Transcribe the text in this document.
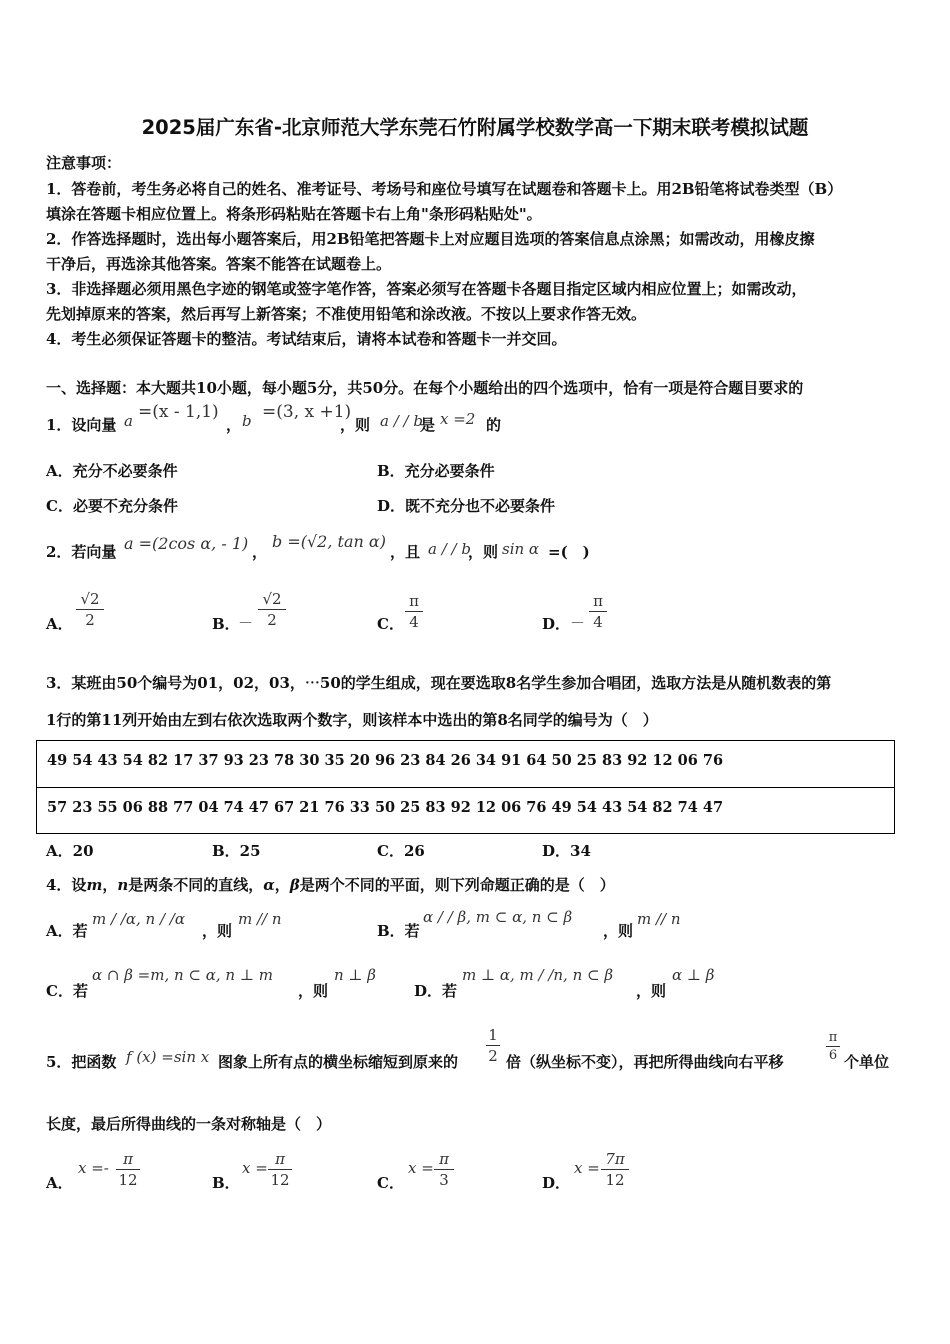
2025届广东省-北京师范大学东莞石竹附属学校数学高一下期末联考模拟试题
注意事项：
1．答卷前，考生务必将自己的姓名、准考证号、考场号和座位号填写在试题卷和答题卡上。用2B铅笔将试卷类型（B）
填涂在答题卡相应位置上。将条形码粘贴在答题卡右上角"条形码粘贴处"。
2．作答选择题时，选出每小题答案后，用2B铅笔把答题卡上对应题目选项的答案信息点涂黑；如需改动，用橡皮擦
干净后，再选涂其他答案。答案不能答在试题卷上。
3．非选择题必须用黑色字迹的钢笔或签字笔作答，答案必须写在答题卡各题目指定区域内相应位置上；如需改动，
先划掉原来的答案，然后再写上新答案；不准使用铅笔和涂改液。不按以上要求作答无效。
4．考生必须保证答题卡的整洁。考试结束后，请将本试卷和答题卡一并交回。
一、选择题：本大题共10小题，每小题5分，共50分。在每个小题给出的四个选项中，恰有一项是符合题目要求的
1．设向量 a =(x - 1,1)
， b =(3, x +1)
，则 a / / b
是 x =2 的
A．充分不必要条件	B．充分必要条件
C．必要不充分条件	D．既不充分也不必要条件
2．若向量 a =(2cos α, - 1) ，
b =(√2, tan α)
，且 a / / b
，则 sin α =(　)
A．
√2
2	B．
－
√2
2	C．
π
4	D． －
π
4
3．某班由50个编号为01，02，03，⋯50的学生组成，现在要选取8名学生参加合唱团，选取方法是从随机数表的第
1行的第11列开始由左到右依次选取两个数字，则该样本中选出的第8名同学的编号为（　）
49 54 43 54 82 17 37 93 23 78 30 35 20 96 23 84 26 34 91 64 50 25 83 92 12 06 76
57 23 55 06 88 77 04 74 47 67 21 76 33 50 25 83 92 12 06 76 49 54 43 54 82 74 47
A．20	B．25	C．26	D．34
4．设m，n是两条不同的直线，α，β是两个不同的平面，则下列命题正确的是（　）
A．若
m / /α, n / /α
，则
m // n
B．若
α / / β, m ⊂ α, n ⊂ β
，则
m // n
C．若
α ∩ β =m, n ⊂ α, n ⊥ m
，则
n ⊥ β
D．若
m ⊥ α, m / /n, n ⊂ β
，则
α ⊥ β
5．把函数 f (x) =sin x 图象上所有点的横坐标缩短到原来的
1
2 倍（纵坐标不变），再把所得曲线向右平移
π
6 个单位
长度，最后所得曲线的一条对称轴是（　）
A．
x =- π
12	B．
x = π
12	C．
x = π
3	D．
x = 7π
12
